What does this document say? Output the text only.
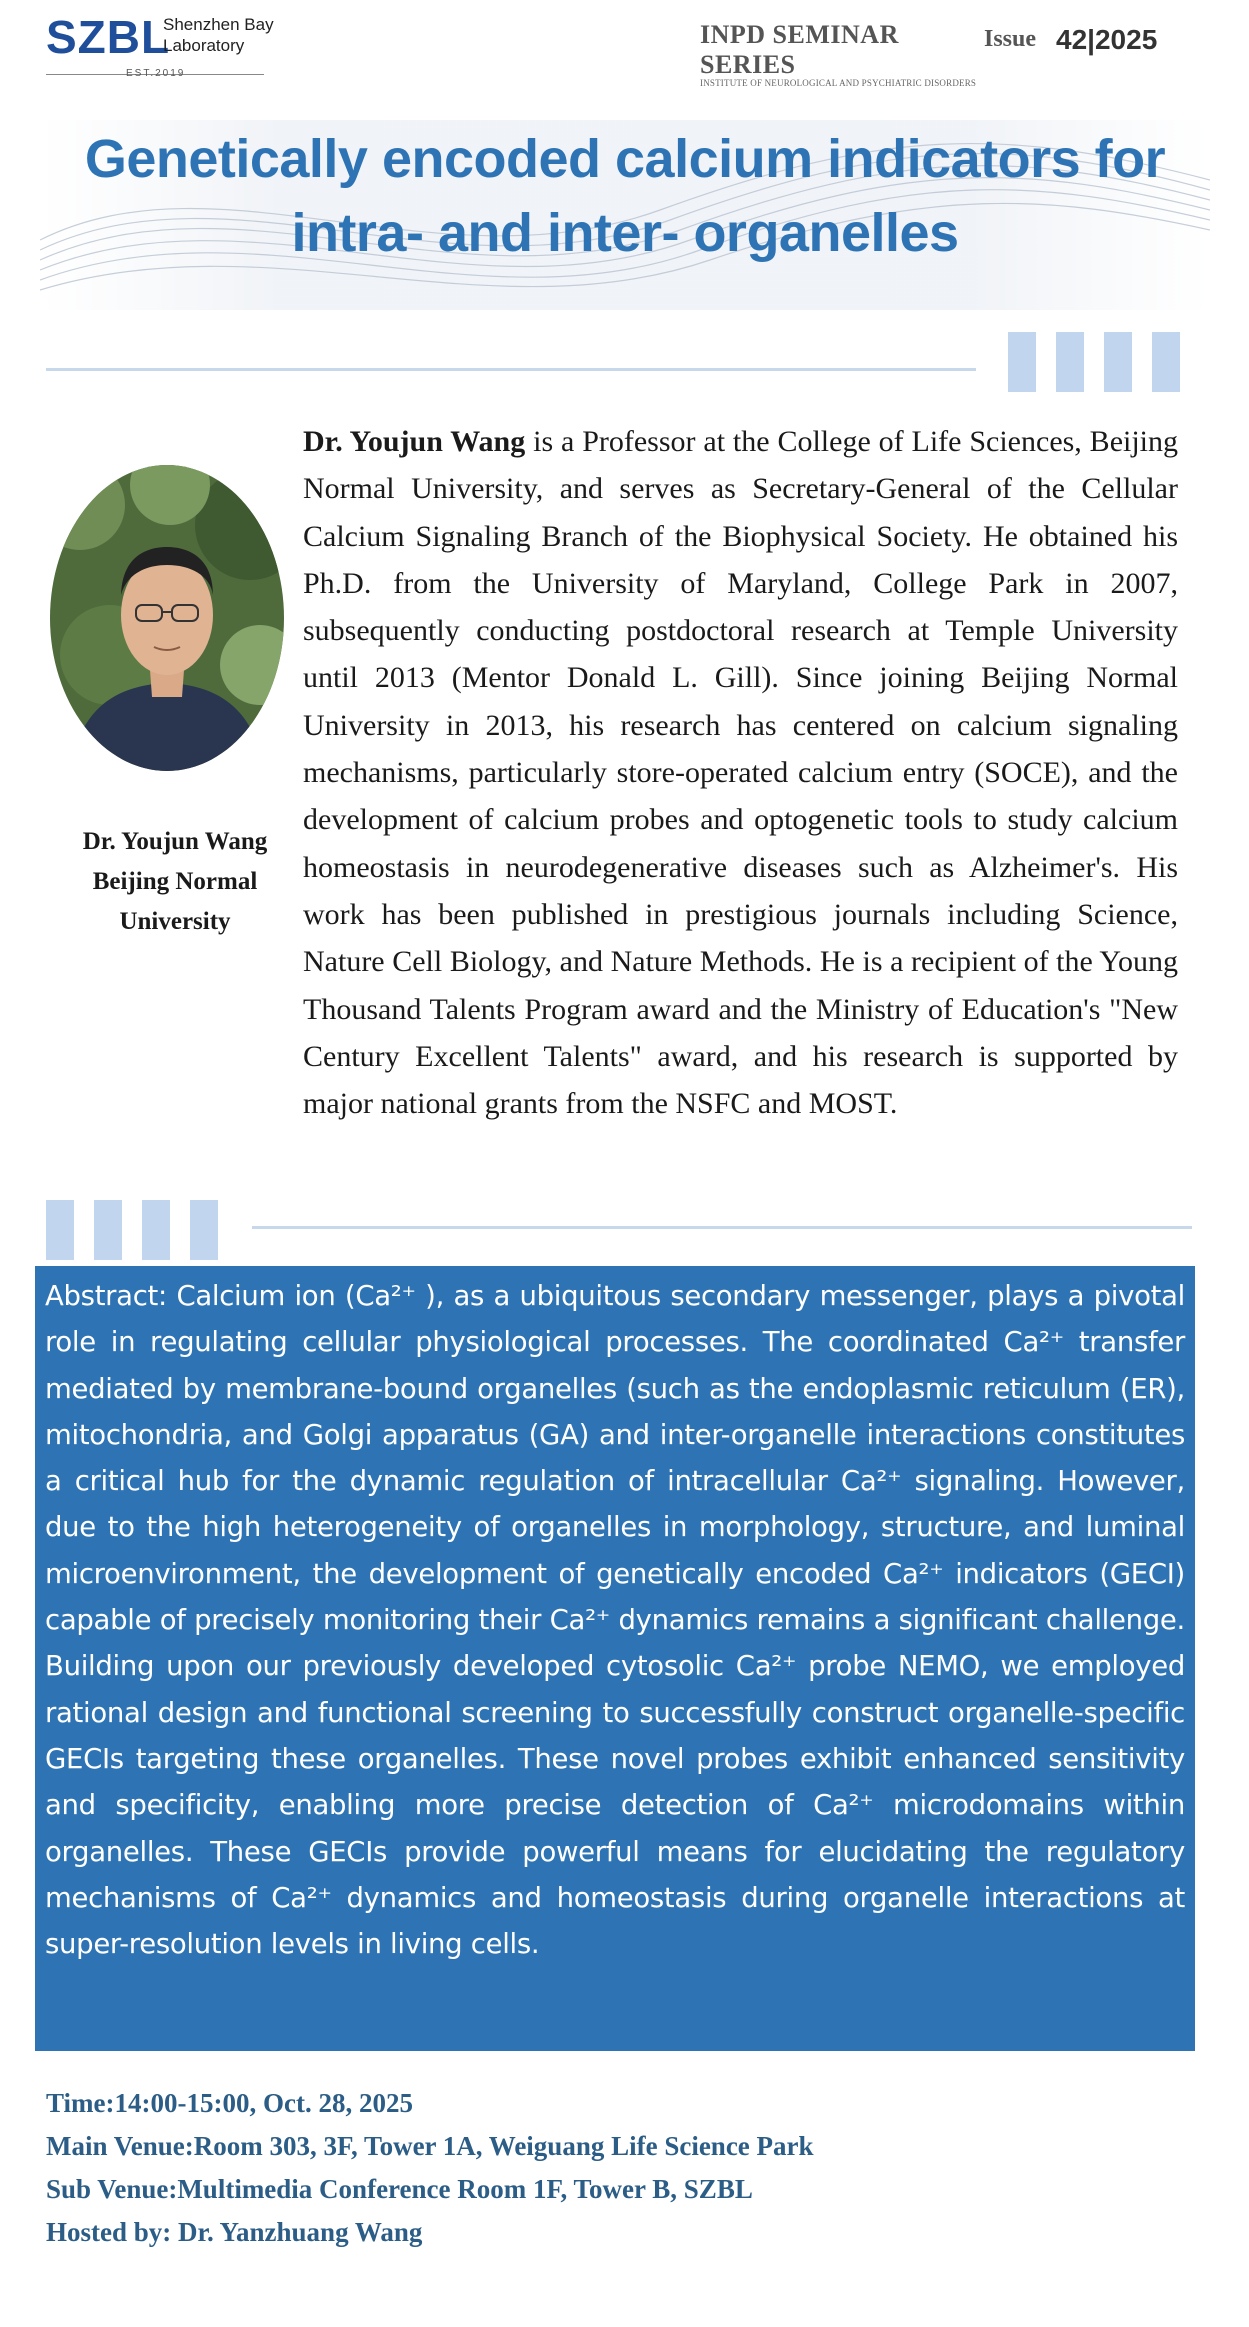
SZBL
Shenzhen Bay
Laboratory
EST.2019
INPD SEMINAR SERIES
INSTITUTE OF NEUROLOGICAL AND PSYCHIATRIC DISORDERS
Issue 42|2025
Genetically encoded calcium indicators for
intra- and inter- organelles
Dr. Youjun Wang
Beijing Normal
University
Dr. Youjun Wang is a Professor at the College of Life Sciences, Beijing Normal University, and serves as Secretary-General of the Cellular Calcium Signaling Branch of the Biophysical Society. He obtained his Ph.D. from the University of Maryland, College Park in 2007, subsequently conducting postdoctoral research at Temple University until 2013 (Mentor Donald L. Gill). Since joining Beijing Normal University in 2013, his research has centered on calcium signaling mechanisms, particularly store-operated calcium entry (SOCE), and the development of calcium probes and optogenetic tools to study calcium homeostasis in neurodegenerative diseases such as Alzheimer's. His work has been published in prestigious journals including Science, Nature Cell Biology, and Nature Methods. He is a recipient of the Young Thousand Talents Program award and the Ministry of Education's "New Century Excellent Talents" award, and his research is supported by major national grants from the NSFC and MOST.
Abstract: Calcium ion (Ca²⁺ ), as a ubiquitous secondary messenger, plays a pivotal role in regulating cellular physiological processes. The coordinated Ca²⁺ transfer mediated by membrane-bound organelles (such as the endoplasmic reticulum (ER), mitochondria, and Golgi apparatus (GA) and inter-organelle interactions constitutes a critical hub for the dynamic regulation of intracellular Ca²⁺ signaling. However, due to the high heterogeneity of organelles in morphology, structure, and luminal microenvironment, the development of genetically encoded Ca²⁺ indicators (GECI) capable of precisely monitoring their Ca²⁺ dynamics remains a significant challenge. Building upon our previously developed cytosolic Ca²⁺ probe NEMO, we employed rational design and functional screening to successfully construct organelle-specific GECIs targeting these organelles. These novel probes exhibit enhanced sensitivity and specificity, enabling more precise detection of Ca²⁺ microdomains within organelles. These GECIs provide powerful means for elucidating the regulatory mechanisms of Ca²⁺ dynamics and homeostasis during organelle interactions at super-resolution levels in living cells.
Time:14:00-15:00, Oct. 28, 2025
Main Venue:Room 303, 3F, Tower 1A, Weiguang Life Science Park
Sub Venue:Multimedia Conference Room 1F, Tower B, SZBL
Hosted by: Dr. Yanzhuang Wang
